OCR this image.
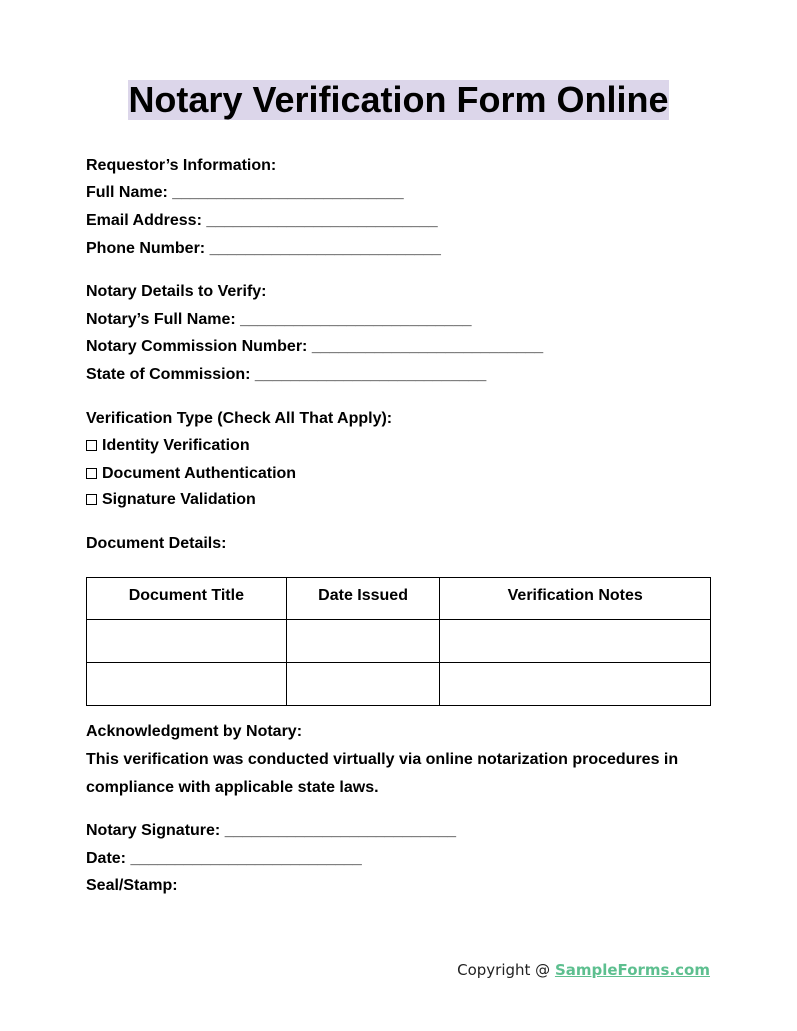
Notary Verification Form Online
Requestor’s Information:
Full Name: __________________________
Email Address: __________________________
Phone Number: __________________________
Notary Details to Verify:
Notary’s Full Name: __________________________
Notary Commission Number: __________________________
State of Commission: __________________________
Verification Type (Check All That Apply):
Identity Verification
Document Authentication
Signature Validation
Document Details:
Document Title	Date Issued	Verification Notes

Acknowledgment by Notary:
This verification was conducted virtually via online notarization procedures in compliance with applicable state laws.
Notary Signature: __________________________
Date: __________________________
Seal/Stamp:
Copyright @ SampleForms.com
